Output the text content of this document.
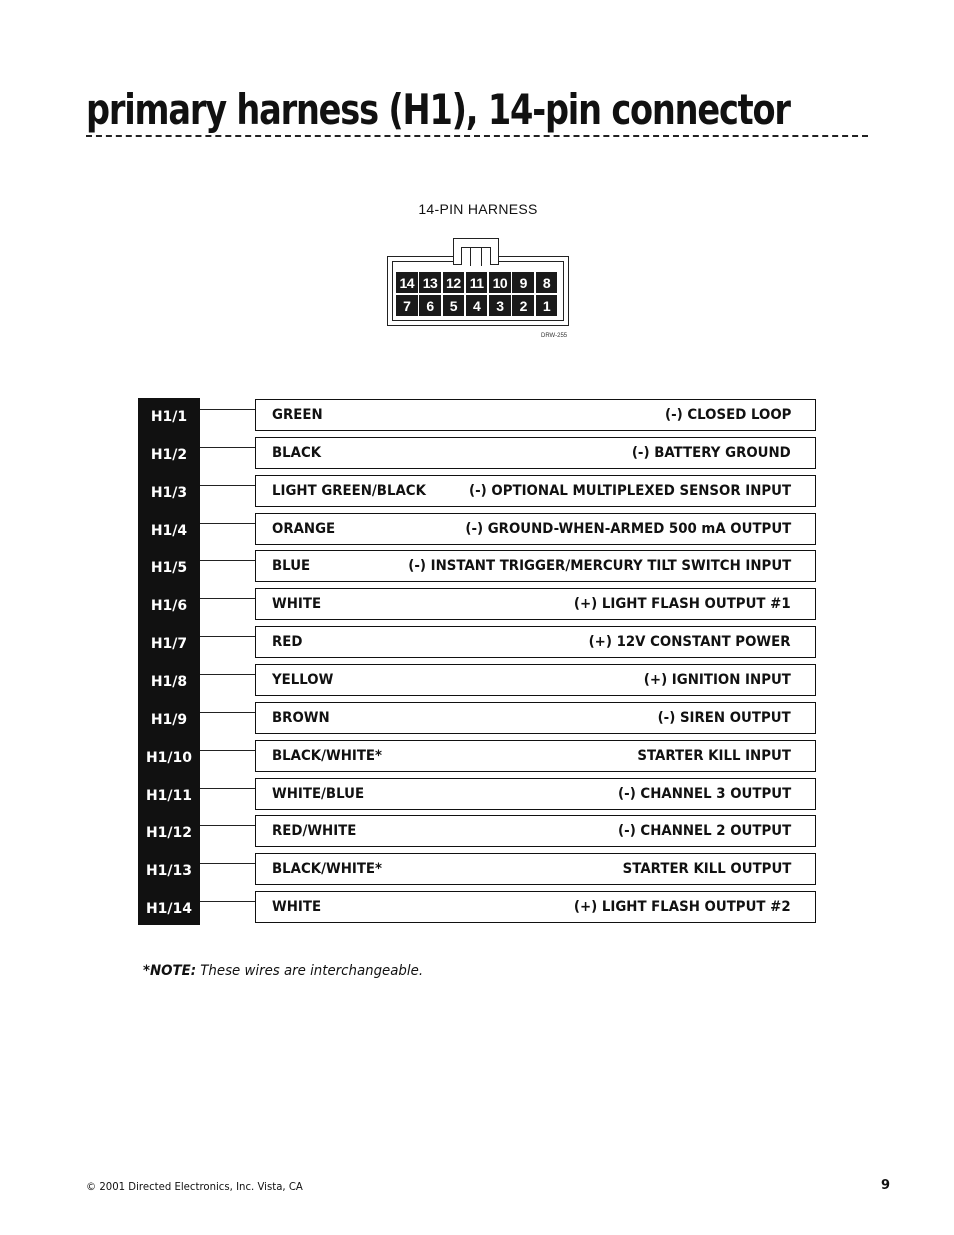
primary harness (H1), 14-pin connector
14-PIN HARNESS
14 13 12 11 10 9	8
7	6	5	4	3	2	1
DRW-255
H1/1	GREEN	(-) CLOSED LOOP
H1/2	BLACK	(-) BATTERY GROUND
H1/3	LIGHT GREEN/BLACK	(-) OPTIONAL MULTIPLEXED SENSOR INPUT
H1/4	ORANGE	(-) GROUND-WHEN-ARMED 500 mA OUTPUT
H1/5	BLUE	(-) INSTANT TRIGGER/MERCURY TILT SWITCH INPUT
H1/6	WHITE	(+) LIGHT FLASH OUTPUT #1
H1/7	RED	(+) 12V CONSTANT POWER
H1/8	YELLOW	(+) IGNITION INPUT
H1/9	BROWN	(-) SIREN OUTPUT
H1/10	BLACK/WHITE*	STARTER KILL INPUT
H1/11	WHITE/BLUE	(-) CHANNEL 3 OUTPUT
H1/12	RED/WHITE	(-) CHANNEL 2 OUTPUT
H1/13	BLACK/WHITE*	STARTER KILL OUTPUT
H1/14	WHITE	(+) LIGHT FLASH OUTPUT #2
*NOTE: These wires are interchangeable.
© 2001 Directed Electronics, Inc. Vista, CA	9
